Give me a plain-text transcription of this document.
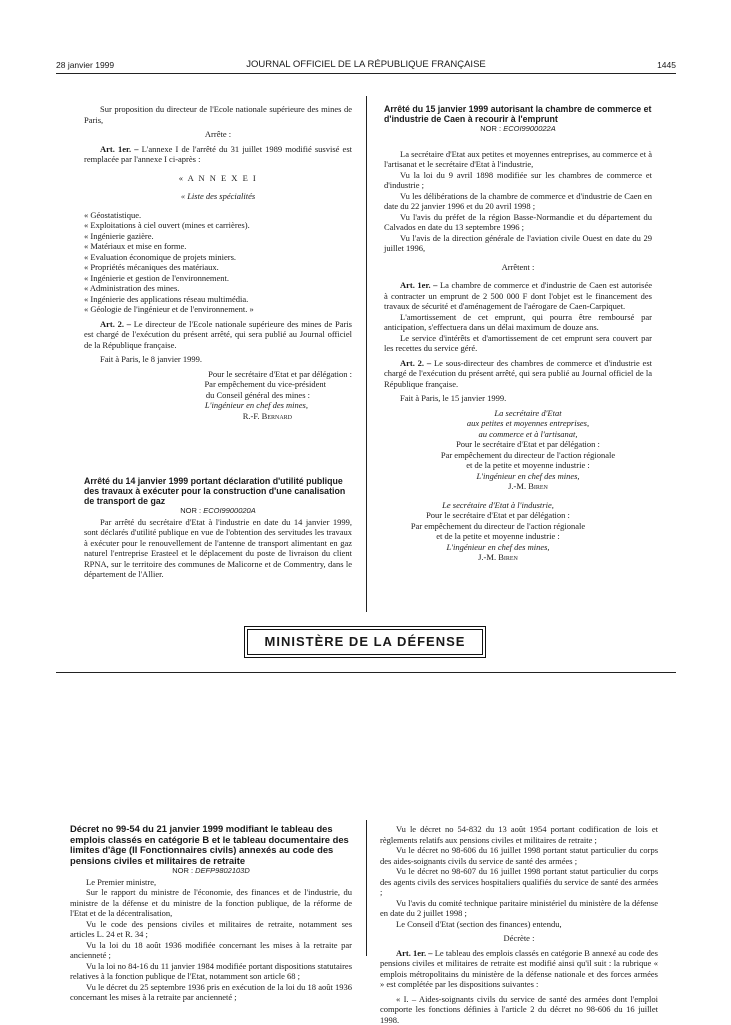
28 janvier 1999	JOURNAL OFFICIEL DE LA RÉPUBLIQUE FRANÇAISE	1445

Sur proposition du directeur de l'Ecole nationale supérieure des mines de Paris,

Arrête :

Art. 1er. – L'annexe I de l'arrêté du 31 juillet 1989 modifié susvisé est remplacée par l'annexe I ci-après :

« A N N E X E I

« Liste des spécialités

« Géostatistique.

« Exploitations à ciel ouvert (mines et carrières).

« Ingénierie gazière.

« Matériaux et mise en forme.

« Evaluation économique de projets miniers.

« Propriétés mécaniques des matériaux.

« Ingénierie et gestion de l'environnement.

« Administration des mines.

« Ingénierie des applications réseau multimédia.

« Géologie de l'ingénieur et de l'environnement. »

Art. 2. – Le directeur de l'Ecole nationale supérieure des mines de Paris est chargé de l'exécution du présent arrêté, qui sera publié au Journal officiel de la République française.

Fait à Paris, le 8 janvier 1999.

Pour le secrétaire d'Etat et par délégation :

Par empêchement du vice-président

du Conseil général des mines :

L'ingénieur en chef des mines,

R.-F. Bernard

Arrêté du 14 janvier 1999 portant déclaration d'utilité publique des travaux à exécuter pour la construction d'une canalisation de transport de gaz

NOR : ECOI9900020A

Par arrêté du secrétaire d'Etat à l'industrie en date du 14 janvier 1999, sont déclarés d'utilité publique en vue de l'obtention des servitudes les travaux à exécuter pour le renouvellement de l'antenne de transport alimentant en gaz naturel l'entreprise Erasteel et le déplacement du poste de livraison du client RPNA, sur le territoire des communes de Malicorne et de Commentry, dans le département de l'Allier.

Arrêté du 15 janvier 1999 autorisant la chambre de commerce et d'industrie de Caen à recourir à l'emprunt

NOR : ECOI9900022A

La secrétaire d'Etat aux petites et moyennes entreprises, au commerce et à l'artisanat et le secrétaire d'Etat à l'industrie,

Vu la loi du 9 avril 1898 modifiée sur les chambres de commerce et d'industrie ;

Vu les délibérations de la chambre de commerce et d'industrie de Caen en date du 22 janvier 1996 et du 20 avril 1998 ;

Vu l'avis du préfet de la région Basse-Normandie et du département du Calvados en date du 13 septembre 1996 ;

Vu l'avis de la direction générale de l'aviation civile Ouest en date du 29 juillet 1996,

Arrêtent :

Art. 1er. – La chambre de commerce et d'industrie de Caen est autorisée à contracter un emprunt de 2 500 000 F dont l'objet est le financement des travaux de sécurité et d'aménagement de l'aérogare de Caen-Carpiquet.

L'amortissement de cet emprunt, qui pourra être remboursé par anticipation, s'effectuera dans un délai maximum de douze ans.

Le service d'intérêts et d'amortissement de cet emprunt sera couvert par les recettes du service géré.

Art. 2. – Le sous-directeur des chambres de commerce et d'industrie est chargé de l'exécution du présent arrêté, qui sera publié au Journal officiel de la République française.

Fait à Paris, le 15 janvier 1999.

La secrétaire d'Etat

aux petites et moyennes entreprises,

au commerce et à l'artisanat,

Pour le secrétaire d'Etat et par délégation :

Par empêchement du directeur de l'action régionale

et de la petite et moyenne industrie :

L'ingénieur en chef des mines,

J.-M. Biren

Le secrétaire d'Etat à l'industrie,

Pour le secrétaire d'Etat et par délégation :

Par empêchement du directeur de l'action régionale

et de la petite et moyenne industrie :

L'ingénieur en chef des mines,

J.-M. Biren

MINISTÈRE DE LA DÉFENSE

Décret no 99-54 du 21 janvier 1999 modifiant le tableau des emplois classés en catégorie B et le tableau documentaire des limites d'âge (II Fonctionnaires civils) annexés au code des pensions civiles et militaires de retraite

NOR : DEFP9802103D

Le Premier ministre,

Sur le rapport du ministre de l'économie, des finances et de l'industrie, du ministre de la défense et du ministre de la fonction publique, de la réforme de l'Etat et de la décentralisation,

Vu le code des pensions civiles et militaires de retraite, notamment ses articles L. 24 et R. 34 ;

Vu la loi du 18 août 1936 modifiée concernant les mises à la retraite par ancienneté ;

Vu la loi no 84-16 du 11 janvier 1984 modifiée portant dispositions statutaires relatives à la fonction publique de l'Etat, notamment son article 68 ;

Vu le décret du 25 septembre 1936 pris en exécution de la loi du 18 août 1936 concernant les mises à la retraite par ancienneté ;

Vu le décret no 54-832 du 13 août 1954 portant codification de lois et règlements relatifs aux pensions civiles et militaires de retraite ;

Vu le décret no 98-606 du 16 juillet 1998 portant statut particulier du corps des aides-soignants civils du service de santé des armées ;

Vu le décret no 98-607 du 16 juillet 1998 portant statut particulier du corps des agents civils des services hospitaliers qualifiés du service de santé des armées ;

Vu l'avis du comité technique paritaire ministériel du ministère de la défense en date du 2 juillet 1998 ;

Le Conseil d'Etat (section des finances) entendu,

Décrète :

Art. 1er. – Le tableau des emplois classés en catégorie B annexé au code des pensions civiles et militaires de retraite est modifié ainsi qu'il suit : la rubrique « emplois métropolitains du ministère de la défense nationale et des forces armées » est complétée par les dispositions suivantes :

« I. – Aides-soignants civils du service de santé des armées dont l'emploi comporte les fonctions définies à l'article 2 du décret no 98-606 du 16 juillet 1998.
